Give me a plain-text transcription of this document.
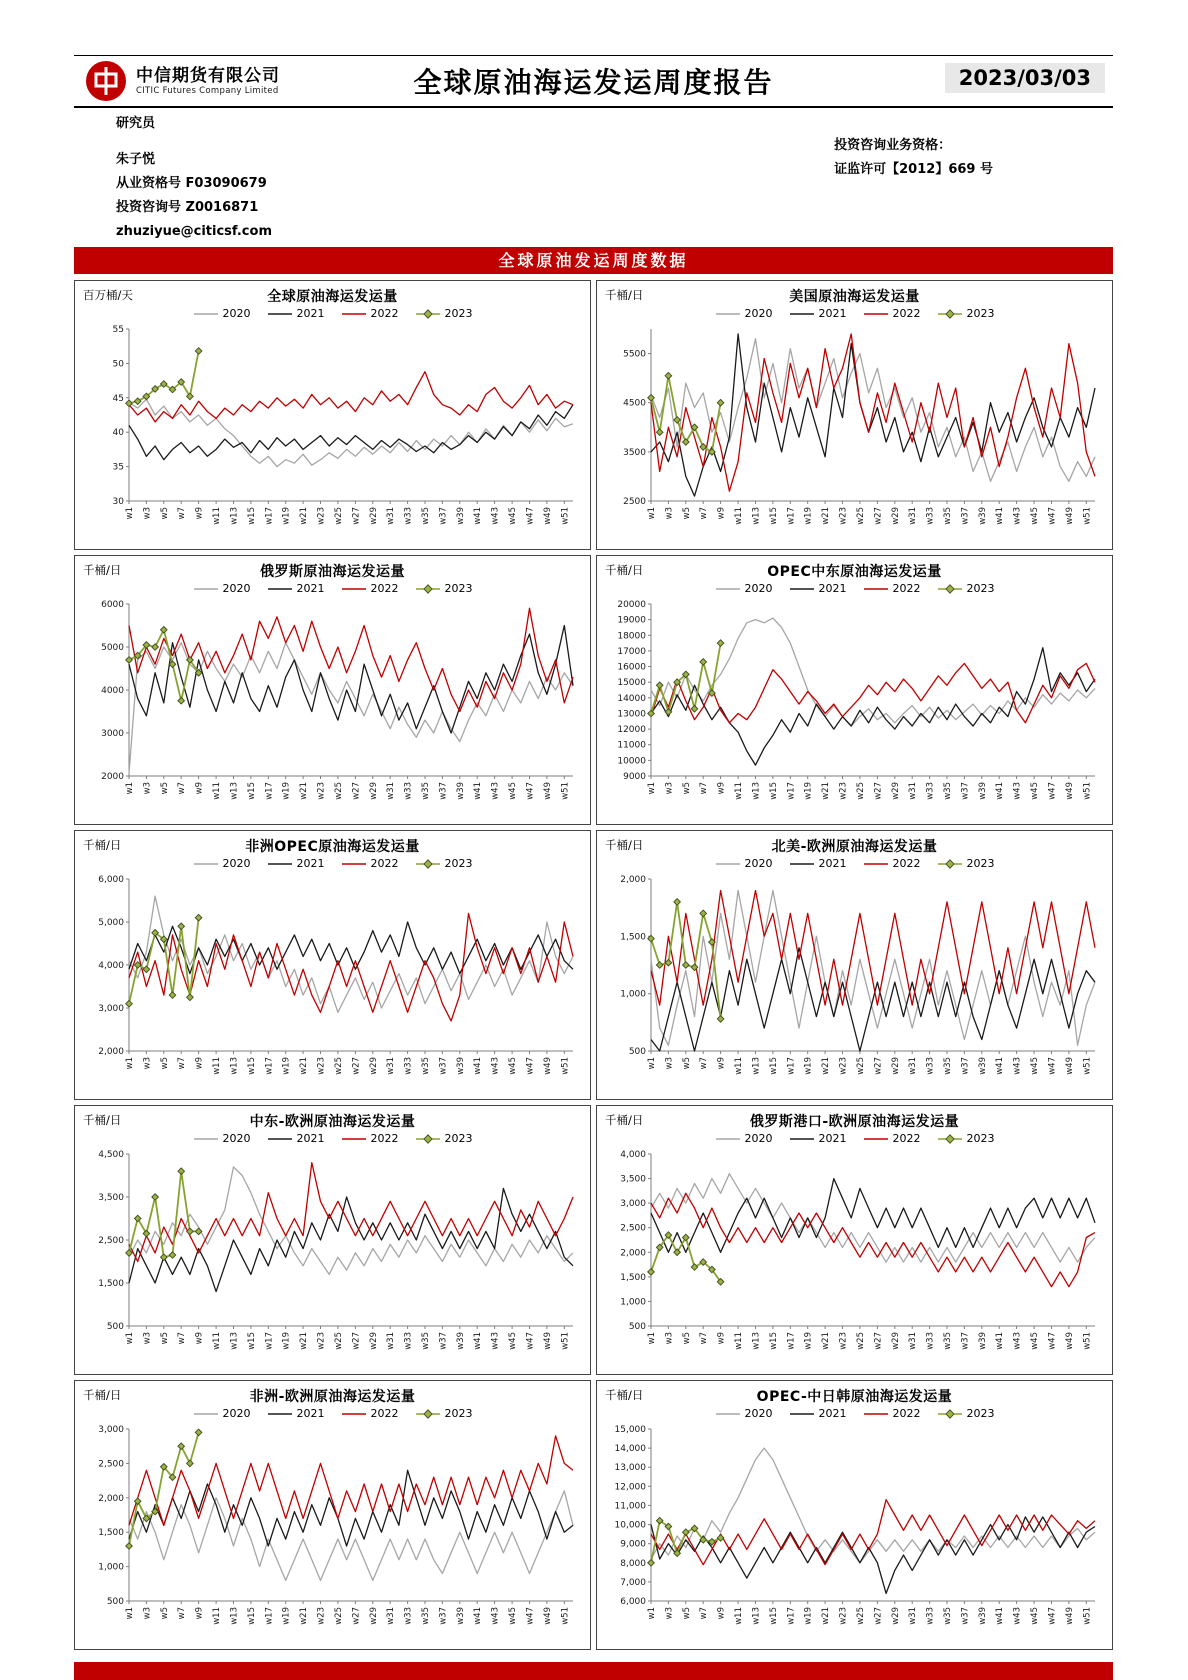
中信期货有限公司
CITIC Futures Company Limited	全球原油海运发运周度报告	2023/03/03
研究员
朱子悦
从业资格号 F03090679
投资咨询号 Z0016871
zhuziyue@citicsf.com
投资咨询业务资格：
证监许可【2012】669 号
全球原油发运周度数据
百万桶/天	全球原油海运发运量
2020	2021	2022	2023
30
35
40
45
50
55
w1 w3 w5 w7 w9 w11 w13 w15 w17 w19 w21 w23 w25 w27 w29 w31 w33 w35 w37 w39 w41 w43 w45 w47 w49 w51
千桶/日	美国原油海运发运量
2020	2021	2022	2023
2500
3500
4500
5500
w1 w3 w5 w7 w9 w11 w13 w15 w17 w19 w21 w23 w25 w27 w29 w31 w33 w35 w37 w39 w41 w43 w45 w47 w49 w51
千桶/日	俄罗斯原油海运发运量
2020	2021	2022	2023
2000
3000
4000
5000
6000
w1 w3 w5 w7 w9 w11 w13 w15 w17 w19 w21 w23 w25 w27 w29 w31 w33 w35 w37 w39 w41 w43 w45 w47 w49 w51
千桶/日	OPEC中东原油海运发运量
2020	2021	2022	2023
9000
10000
11000
12000
13000
14000
15000
16000
17000
18000
19000
20000
w1 w3 w5 w7 w9 w11 w13 w15 w17 w19 w21 w23 w25 w27 w29 w31 w33 w35 w37 w39 w41 w43 w45 w47 w49 w51
千桶/日	非洲OPEC原油海运发运量
2020	2021	2022	2023
2,000
3,000
4,000
5,000
6,000
w1 w3 w5 w7 w9 w11 w13 w15 w17 w19 w21 w23 w25 w27 w29 w31 w33 w35 w37 w39 w41 w43 w45 w47 w49 w51
千桶/日	北美-欧洲原油海运发运量
2020	2021	2022	2023
500
1,000
1,500
2,000
w1 w3 w5 w7 w9 w11 w13 w15 w17 w19 w21 w23 w25 w27 w29 w31 w33 w35 w37 w39 w41 w43 w45 w47 w49 w51
千桶/日	中东-欧洲原油海运发运量
2020	2021	2022	2023
500
1,500
2,500
3,500
4,500
w1 w3 w5 w7 w9 w11 w13 w15 w17 w19 w21 w23 w25 w27 w29 w31 w33 w35 w37 w39 w41 w43 w45 w47 w49 w51
千桶/日	俄罗斯港口-欧洲原油海运发运量
2020	2021	2022	2023
500
1,000
1,500
2,000
2,500
3,000
3,500
4,000
w1 w3 w5 w7 w9 w11 w13 w15 w17 w19 w21 w23 w25 w27 w29 w31 w33 w35 w37 w39 w41 w43 w45 w47 w49 w51
千桶/日	非洲-欧洲原油海运发运量
2020	2021	2022	2023
500
1,000
1,500
2,000
2,500
3,000
w1 w3 w5 w7 w9 w11 w13 w15 w17 w19 w21 w23 w25 w27 w29 w31 w33 w35 w37 w39 w41 w43 w45 w47 w49 w51
千桶/日	OPEC-中日韩原油海运发运量
2020	2021	2022	2023
6,000
7,000
8,000
9,000
10,000
11,000
12,000
13,000
14,000
15,000
w1 w3 w5 w7 w9 w11 w13 w15 w17 w19 w21 w23 w25 w27 w29 w31 w33 w35 w37 w39 w41 w43 w45 w47 w49 w51
